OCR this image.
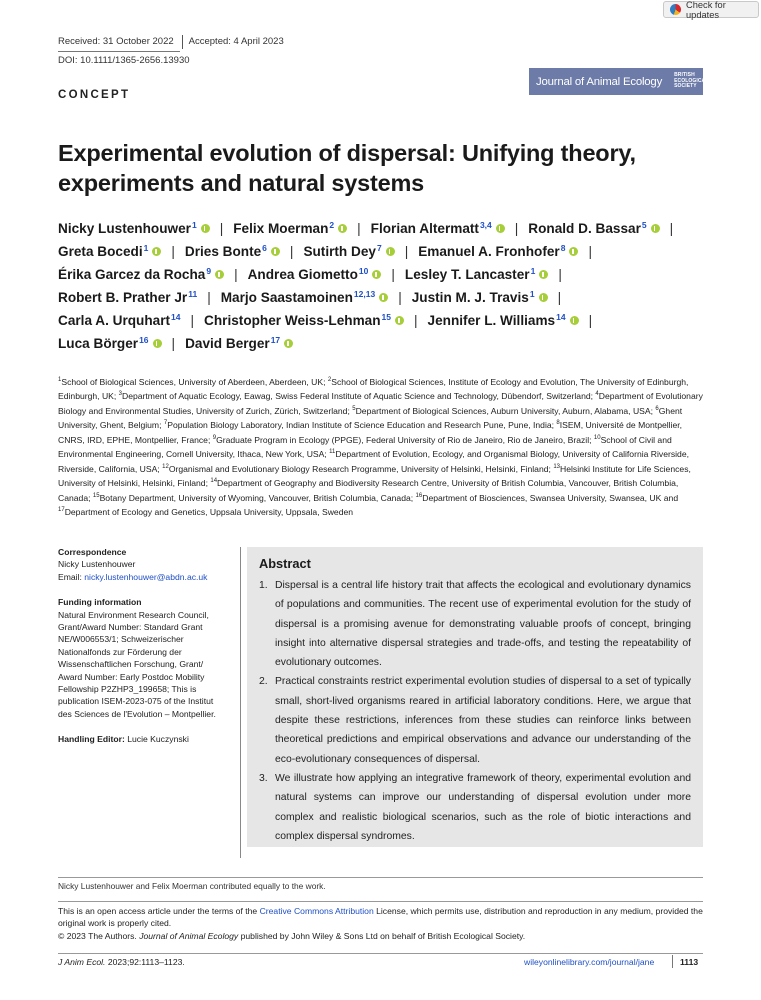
Check for updates
Received: 31 October 2022 Accepted: 4 April 2023
DOI: 10.1111/1365-2656.13930
Journal of Animal Ecology
BRITISH
ECOLOGICAL
SOCIETY
CONCEPT
Experimental evolution of dispersal: Unifying theory, experiments and natural systems
Nicky Lustenhouwer$^1$ | Felix Moerman$^2$ | Florian Altermatt$^{3,4}$ | Ronald D. Bassar$^5$ |
Greta Bocedi$^1$ | Dries Bonte$^6$ | Sutirth Dey$^7$ | Emanuel A. Fronhofer$^8$ |
Érika Garcez da Rocha$^9$ | Andrea Giometto$^{10}$ | Lesley T. Lancaster$^1$ |
Robert B. Prather Jr$^{11}$ | Marjo Saastamoinen$^{12,13}$ | Justin M. J. Travis$^1$ |
Carla A. Urquhart$^{14}$ | Christopher Weiss-Lehman$^{15}$ | Jennifer L. Williams$^{14}$ |
Luca Börger$^{16}$ | David Berger$^{17}$

$^1$School of Biological Sciences, University of Aberdeen, Aberdeen, UK; $^2$School of Biological Sciences, Institute of Ecology and Evolution, The University of Edinburgh, Edinburgh, UK; $^3$Department of Aquatic Ecology, Eawag, Swiss Federal Institute of Aquatic Science and Technology, Dübendorf, Switzerland; $^4$Department of Evolutionary Biology and Environmental Studies, University of Zurich, Zürich, Switzerland; $^5$Department of Biological Sciences, Auburn University, Auburn, Alabama, USA; $^6$Ghent University, Ghent, Belgium; $^7$Population Biology Laboratory, Indian Institute of Science Education and Research Pune, Pune, India; $^8$ISEM, Université de Montpellier, CNRS, IRD, EPHE, Montpellier, France; $^9$Graduate Program in Ecology (PPGE), Federal University of Rio de Janeiro, Rio de Janeiro, Brazil; $^{10}$School of Civil and Environmental Engineering, Cornell University, Ithaca, New York, USA; $^{11}$Department of Evolution, Ecology, and Organismal Biology, University of California Riverside, Riverside, California, USA; $^{12}$Organismal and Evolutionary Biology Research Programme, University of Helsinki, Helsinki, Finland; $^{13}$Helsinki Institute for Life Sciences, University of Helsinki, Helsinki, Finland; $^{14}$Department of Geography and Biodiversity Research Centre, University of British Columbia, Vancouver, British Columbia, Canada; $^{15}$Botany Department, University of Wyoming, Vancouver, British Columbia, Canada; $^{16}$Department of Biosciences, Swansea University, Swansea, UK and $^{17}$Department of Ecology and Genetics, Uppsala University, Uppsala, Sweden

Correspondence
Nicky Lustenhouwer
Email: nicky.lustenhouwer@abdn.ac.uk
Funding information
Natural Environment Research Council,
Grant/Award Number: Standard Grant
NE/W006553/1; Schweizerischer
Nationalfonds zur Förderung der
Wissenschaftlichen Forschung, Grant/
Award Number: Early Postdoc Mobility
Fellowship P2ZHP3_199658; This is
publication ISEM-2023-075 of the Institut
des Sciences de l'Evolution – Montpellier.
Handling Editor: Lucie Kuczynski
Abstract
1. Dispersal is a central life history trait that affects the ecological and evolutionary dynamics of populations and communities. The recent use of experimental evolution for the study of dispersal is a promising avenue for demonstrating valuable proofs of concept, bringing insight into alternative dispersal strategies and trade-offs, and testing the repeatability of evolutionary outcomes.
2. Practical constraints restrict experimental evolution studies of dispersal to a set of typically small, short-lived organisms reared in artificial laboratory conditions. Here, we argue that despite these restrictions, inferences from these studies can reinforce links between theoretical predictions and empirical observations and advance our understanding of the eco-evolutionary consequences of dispersal.
3. We illustrate how applying an integrative framework of theory, experimental evolution and natural systems can improve our understanding of dispersal evolution under more complex and realistic biological scenarios, such as the role of biotic interactions and complex dispersal syndromes.
Nicky Lustenhouwer and Felix Moerman contributed equally to the work.
This is an open access article under the terms of the Creative Commons Attribution License, which permits use, distribution and reproduction in any medium, provided the original work is properly cited.
© 2023 The Authors. Journal of Animal Ecology published by John Wiley & Sons Ltd on behalf of British Ecological Society.
J Anim Ecol. 2023;92:1113–1123.	wileyonlinelibrary.com/journal/jane	1113
